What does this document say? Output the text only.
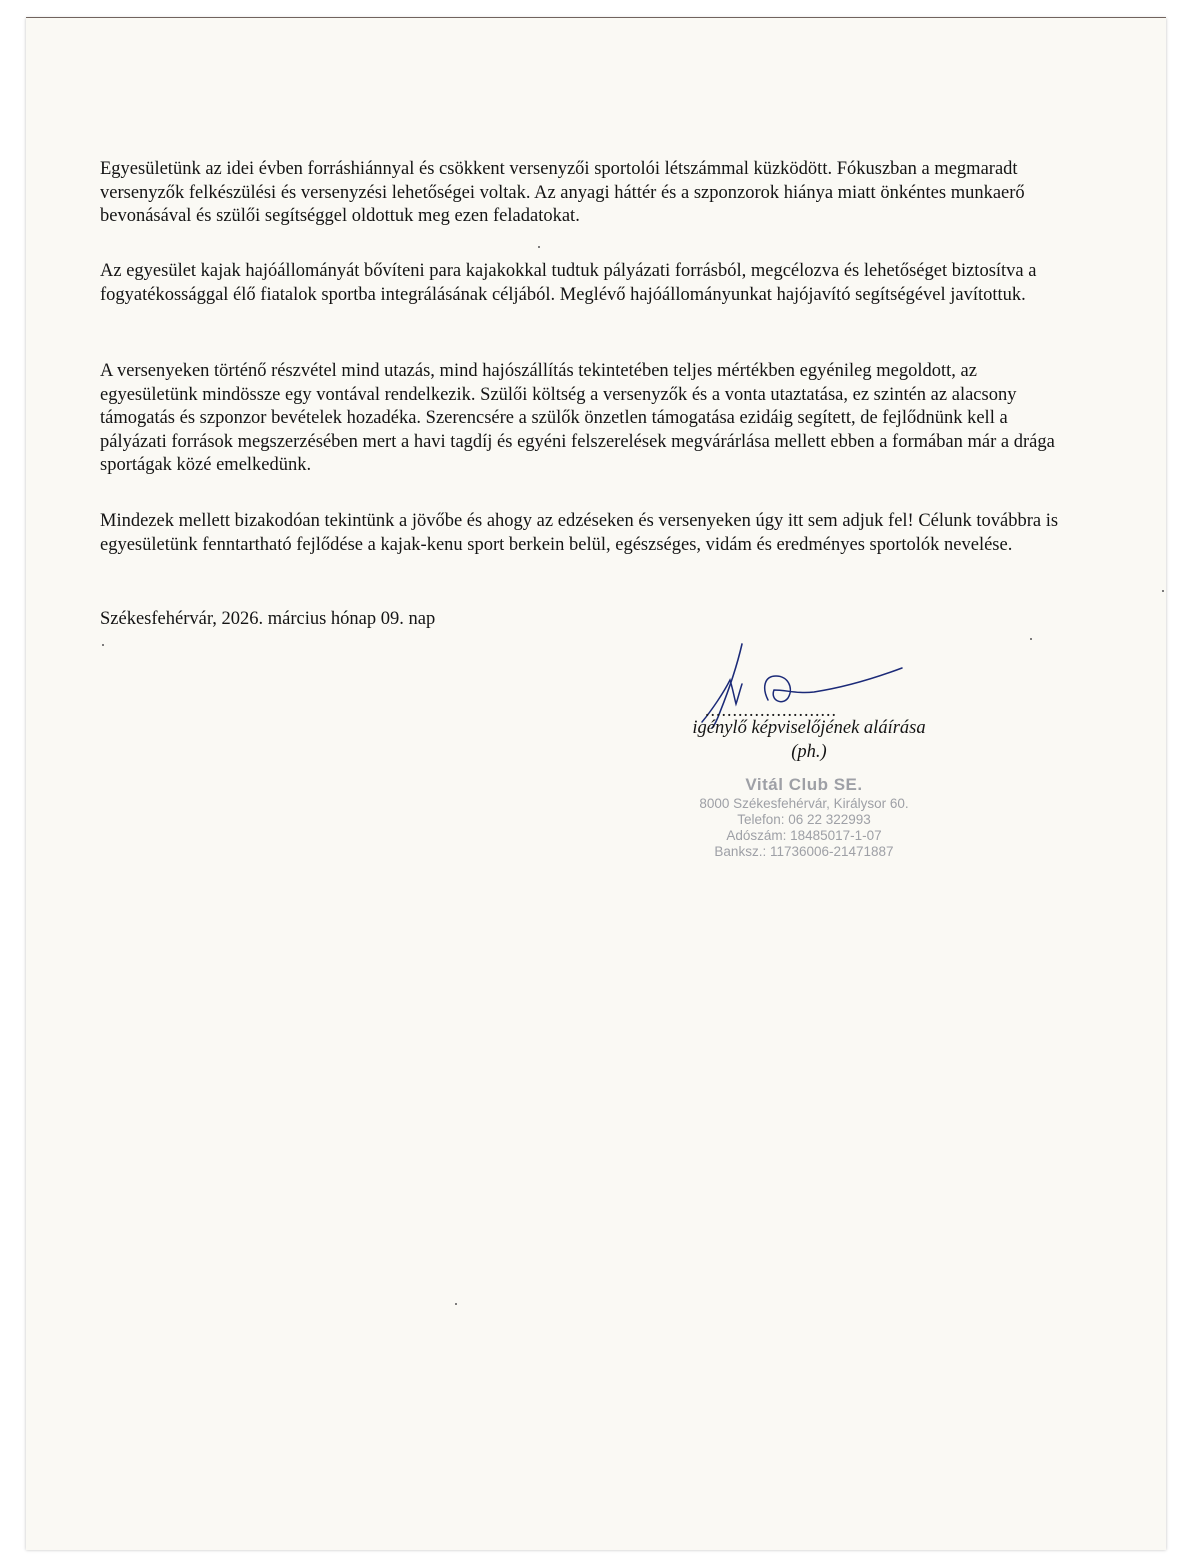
Egyesületünk az idei évben forráshiánnyal és csökkent versenyzői sportolói létszámmal küzködött. Fókuszban a megmaradt versenyzők felkészülési és versenyzési lehetőségei voltak. Az anyagi háttér és a szponzorok hiánya miatt önkéntes munkaerő bevonásával és szülői segítséggel oldottuk meg ezen feladatokat.

Az egyesület kajak hajóállományát bővíteni para kajakokkal tudtuk pályázati forrásból, megcélozva és lehetőséget biztosítva a fogyatékossággal élő fiatalok sportba integrálásának céljából. Meglévő hajóállományunkat hajójavító segítségével javítottuk.

A versenyeken történő részvétel mind utazás, mind hajószállítás tekintetében teljes mértékben egyénileg megoldott, az egyesületünk mindössze egy vontával rendelkezik. Szülői költség a versenyzők és a vonta utaztatása, ez szintén az alacsony támogatás és szponzor bevételek hozadéka. Szerencsére a szülők önzetlen támogatása ezidáig segített, de fejlődnünk kell a pályázati források megszerzésében mert a havi tagdíj és egyéni felszerelések megvárárlása mellett ebben a formában már a drága sportágak közé emelkedünk.

Mindezek mellett bizakodóan tekintünk a jövőbe és ahogy az edzéseken és versenyeken úgy itt sem adjuk fel! Célunk továbbra is egyesületünk fenntartható fejlődése a kajak-kenu sport berkein belül, egészséges, vidám és eredményes sportolók nevelése.

Székesfehérvár, 2026. március hónap 09. nap

........................
igénylő képviselőjének aláírása
(ph.)
Vitál Club SE.
8000 Székesfehérvár, Királysor 60.
Telefon: 06 22 322993
Adószám: 18485017-1-07
Banksz.: 11736006-21471887
